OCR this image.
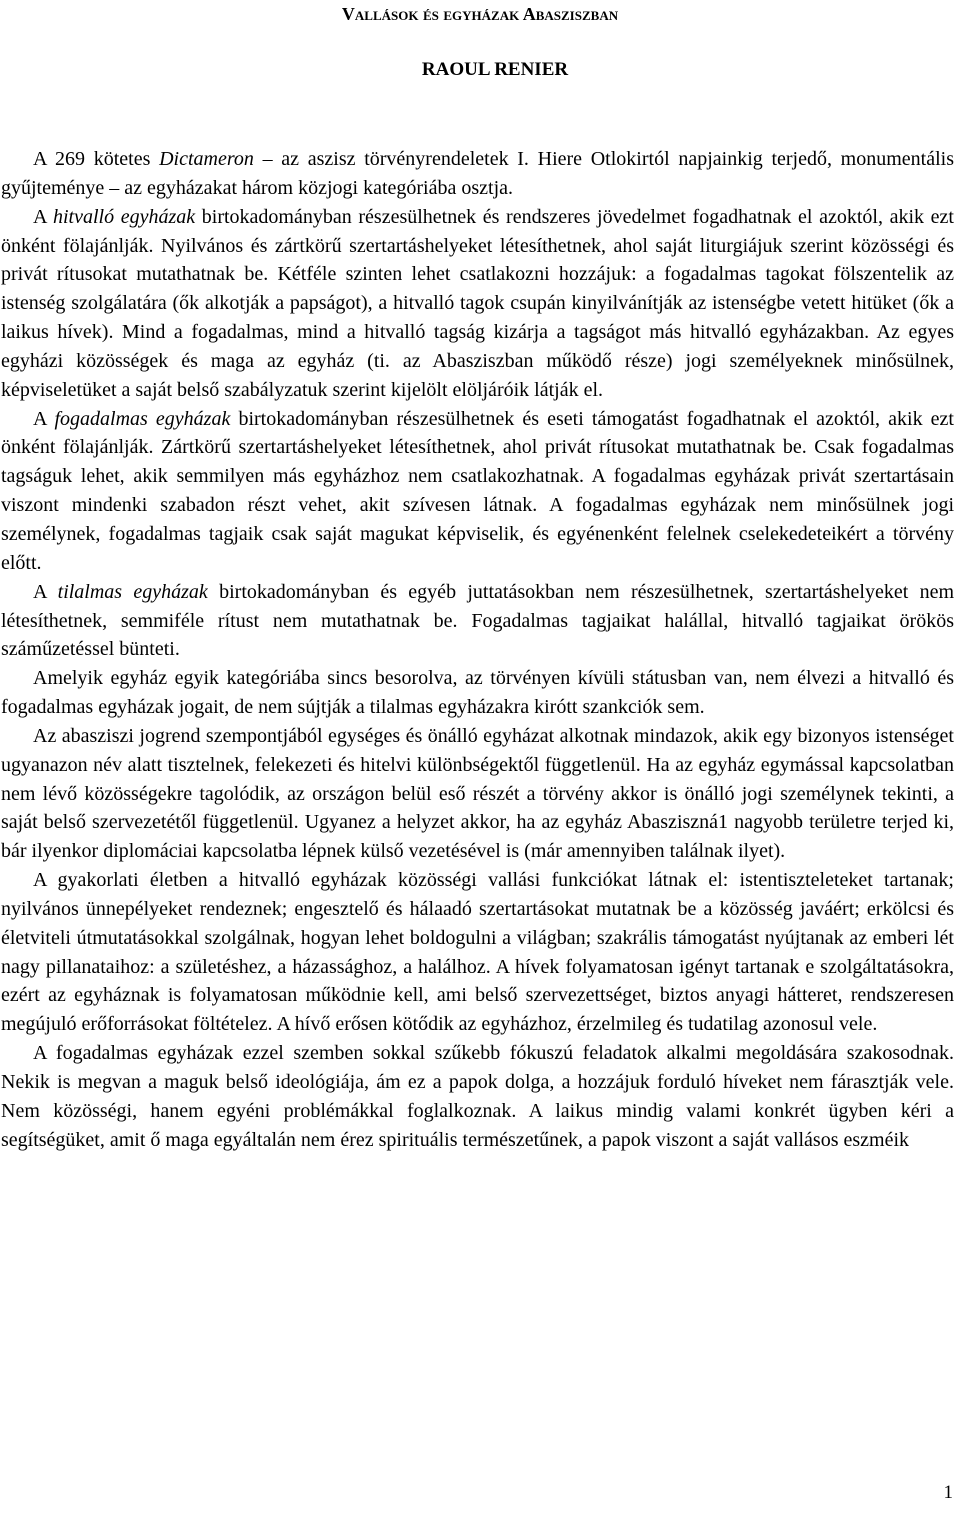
Vallások és egyházak Abasziszban
RAOUL RENIER

A 269 kötetes Dictameron – az aszisz törvényrendeletek I. Hiere Otlokirtól napjainkig terjedő, monumentális gyűjteménye – az egyházakat három közjogi kategóriába osztja.

A hitvalló egyházak birtokadományban részesülhetnek és rendszeres jövedelmet fogadhatnak el azoktól, akik ezt önként fölajánlják. Nyilvános és zártkörű szertartáshelyeket létesíthetnek, ahol saját liturgiájuk szerint közösségi és privát rítusokat mutathatnak be. Kétféle szinten lehet csatlakozni hozzájuk: a fogadalmas tagokat fölszentelik az istenség szolgálatára (ők alkotják a papságot), a hitvalló tagok csupán kinyilvánítják az istenségbe vetett hitüket (ők a laikus hívek). Mind a fogadalmas, mind a hitvalló tagság kizárja a tagságot más hitvalló egyházakban. Az egyes egyházi közösségek és maga az egyház (ti. az Abasziszban működő része) jogi személyeknek minősülnek, képviseletüket a saját belső szabályzatuk szerint kijelölt elöljáróik látják el.

A fogadalmas egyházak birtokadományban részesülhetnek és eseti támogatást fogadhatnak el azoktól, akik ezt önként fölajánlják. Zártkörű szertartáshelyeket létesíthetnek, ahol privát rítusokat mutathatnak be. Csak fogadalmas tagságuk lehet, akik semmilyen más egyházhoz nem csatlakozhatnak. A fogadalmas egyházak privát szertartásain viszont mindenki szabadon részt vehet, akit szívesen látnak. A fogadalmas egyházak nem minősülnek jogi személynek, fogadalmas tagjaik csak saját magukat képviselik, és egyénenként felelnek cselekedeteikért a törvény előtt.

A tilalmas egyházak birtokadományban és egyéb juttatásokban nem részesülhetnek, szertartáshelyeket nem létesíthetnek, semmiféle rítust nem mutathatnak be. Fogadalmas tagjaikat halállal, hitvalló tagjaikat örökös száműzetéssel bünteti.

Amelyik egyház egyik kategóriába sincs besorolva, az törvényen kívüli státusban van, nem élvezi a hitvalló és fogadalmas egyházak jogait, de nem sújtják a tilalmas egyházakra kirótt szankciók sem.

Az abasziszi jogrend szempontjából egységes és önálló egyházat alkotnak mindazok, akik egy bizonyos istenséget ugyanazon név alatt tisztelnek, felekezeti és hitelvi különbségektől függetlenül. Ha az egyház egymással kapcsolatban nem lévő közösségekre tagolódik, az országon belül eső részét a törvény akkor is önálló jogi személynek tekinti, a saját belső szervezetétől függetlenül. Ugyanez a helyzet akkor, ha az egyház Abasziszná1 nagyobb területre terjed ki, bár ilyenkor diplomáciai kapcsolatba lépnek külső vezetésével is (már amennyiben találnak ilyet).

A gyakorlati életben a hitvalló egyházak közösségi vallási funkciókat látnak el: istentiszteleteket tartanak; nyilvános ünnepélyeket rendeznek; engesztelő és hálaadó szertartásokat mutatnak be a közösség javáért; erkölcsi és életviteli útmutatásokkal szolgálnak, hogyan lehet boldogulni a világban; szakrális támogatást nyújtanak az emberi lét nagy pillanataihoz: a születéshez, a házassághoz, a halálhoz. A hívek folyamatosan igényt tartanak e szolgáltatásokra, ezért az egyháznak is folyamatosan működnie kell, ami belső szervezettséget, biztos anyagi hátteret, rendszeresen megújuló erőforrásokat föltételez. A hívő erősen kötődik az egyházhoz, érzelmileg és tudatilag azonosul vele.

A fogadalmas egyházak ezzel szemben sokkal szűkebb fókuszú feladatok alkalmi megoldására szakosodnak. Nekik is megvan a maguk belső ideológiája, ám ez a papok dolga, a hozzájuk forduló híveket nem fárasztják vele. Nem közösségi, hanem egyéni problémákkal foglalkoznak. A laikus mindig valami konkrét ügyben kéri a segítségüket, amit ő maga egyáltalán nem érez spirituális természetűnek, a papok viszont a saját vallásos eszméik

1
